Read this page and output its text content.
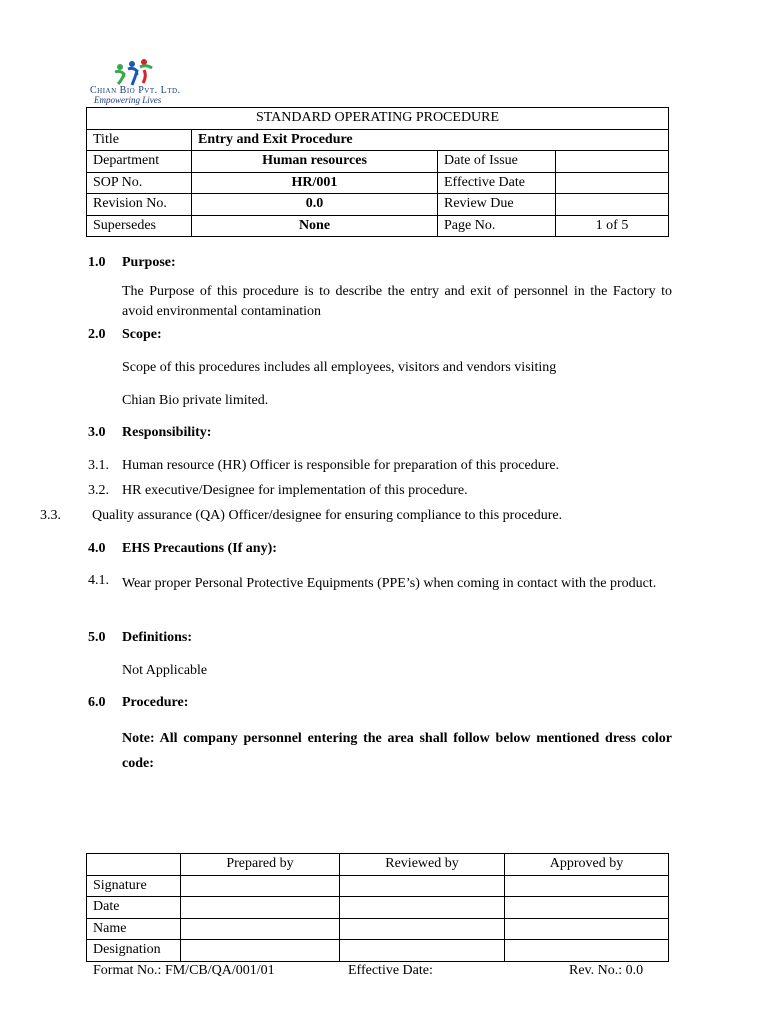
Chian Bio Pvt. Ltd.
Empowering Lives
STANDARD OPERATING PROCEDURE			
Title	Entry and Exit Procedure		
Department	Human resources	Date of Issue	
SOP No.	HR/001	Effective Date	
Revision No.	0.0	Review Due	
Supersedes	None	Page No.	1 of 5
1.0 Purpose:
The Purpose of this procedure is to describe the entry and exit of personnel in the Factory to avoid environmental contamination
2.0 Scope:
Scope of this procedures includes all employees, visitors and vendors visiting
Chian Bio private limited.
3.0 Responsibility:
3.1. Human resource (HR) Officer is responsible for preparation of this procedure.
3.2. HR executive/Designee for implementation of this procedure.
3.3. Quality assurance (QA) Officer/designee for ensuring compliance to this procedure.
4.0 EHS Precautions (If any):
4.1. Wear proper Personal Protective Equipments (PPE’s) when coming in contact with the product.
5.0 Definitions:
Not Applicable
6.0 Procedure:
Note: All company personnel entering the area shall follow below mentioned dress color code:
	Prepared by	Reviewed by	Approved by
Signature			
Date			
Name			
Designation			
Format No.: FM/CB/QA/001/01	Effective Date:	Rev. No.: 0.0
